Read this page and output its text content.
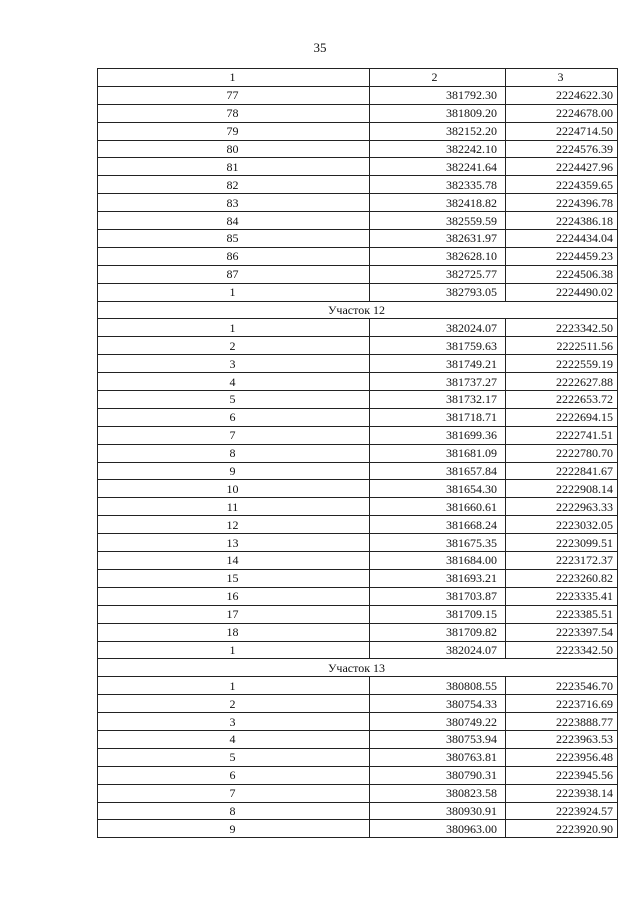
35
1	2	3
77	381792.30	2224622.30
78	381809.20	2224678.00
79	382152.20	2224714.50
80	382242.10	2224576.39
81	382241.64	2224427.96
82	382335.78	2224359.65
83	382418.82	2224396.78
84	382559.59	2224386.18
85	382631.97	2224434.04
86	382628.10	2224459.23
87	382725.77	2224506.38
1	382793.05	2224490.02
Участок 12		
1	382024.07	2223342.50
2	381759.63	2222511.56
3	381749.21	2222559.19
4	381737.27	2222627.88
5	381732.17	2222653.72
6	381718.71	2222694.15
7	381699.36	2222741.51
8	381681.09	2222780.70
9	381657.84	2222841.67
10	381654.30	2222908.14
11	381660.61	2222963.33
12	381668.24	2223032.05
13	381675.35	2223099.51
14	381684.00	2223172.37
15	381693.21	2223260.82
16	381703.87	2223335.41
17	381709.15	2223385.51
18	381709.82	2223397.54
1	382024.07	2223342.50
Участок 13		
1	380808.55	2223546.70
2	380754.33	2223716.69
3	380749.22	2223888.77
4	380753.94	2223963.53
5	380763.81	2223956.48
6	380790.31	2223945.56
7	380823.58	2223938.14
8	380930.91	2223924.57
9	380963.00	2223920.90
